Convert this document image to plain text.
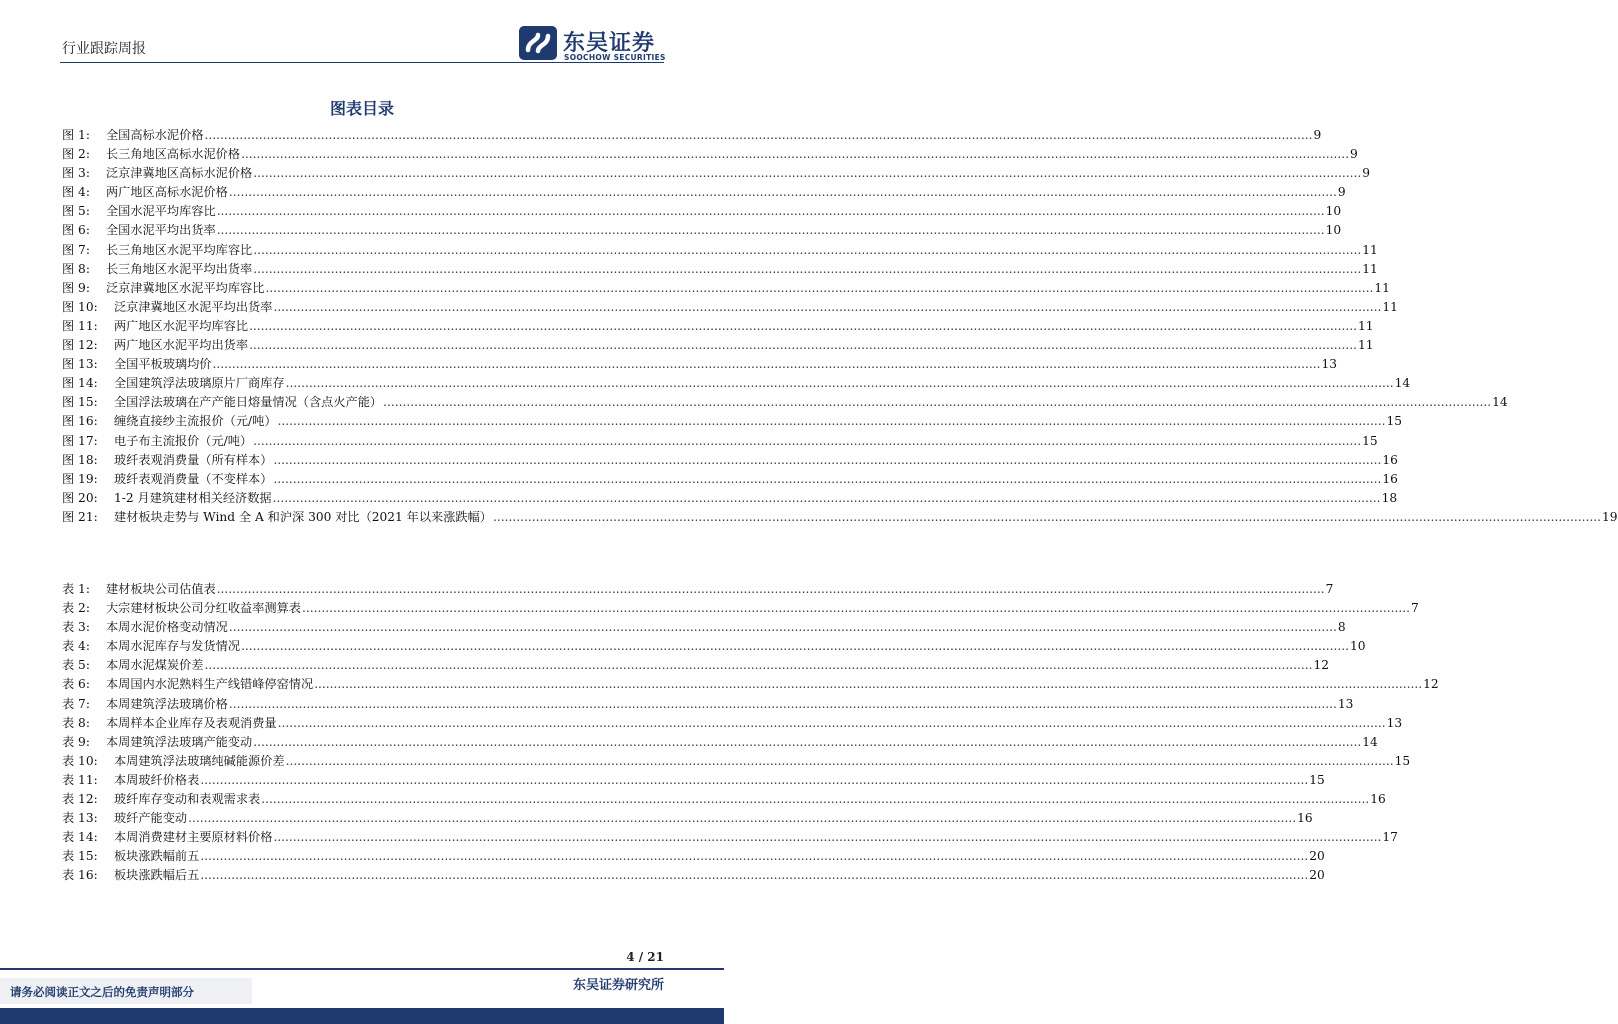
行业跟踪周报	东吴证券
SOOCHOW SECURITIES
图表目录
图 1:	全国高标水泥价格 .....	9
图 2:	长三角地区高标水泥价格 .....	9
图 3:	泛京津冀地区高标水泥价格 .....	9
图 4:	两广地区高标水泥价格 .....	9
图 5:	全国水泥平均库容比 .....	10
图 6:	全国水泥平均出货率 .....	10
图 7:	长三角地区水泥平均库容比 .....	11
图 8:	长三角地区水泥平均出货率 .....	11
图 9:	泛京津冀地区水泥平均库容比 .....	11
图 10:	泛京津冀地区水泥平均出货率 .....	11
图 11:	两广地区水泥平均库容比 .....	11
图 12:	两广地区水泥平均出货率 .....	11
图 13:	全国平板玻璃均价 .....	13
图 14:	全国建筑浮法玻璃原片厂商库存 .....	14
图 15:	全国浮法玻璃在产产能日熔量情况（含点火产能） .....	14
图 16:	缠绕直接纱主流报价（元/吨） .....	15
图 17:	电子布主流报价（元/吨） .....	15
图 18:	玻纤表观消费量（所有样本） .....	16
图 19:	玻纤表观消费量（不变样本） .....	16
图 20:	1-2 月建筑建材相关经济数据 .....	18
图 21:	建材板块走势与 Wind 全 A 和沪深 300 对比（2021 年以来涨跌幅） .....	19
表 1:	建材板块公司估值表 .....	7
表 2:	大宗建材板块公司分红收益率测算表 .....	7
表 3:	本周水泥价格变动情况 .....	8
表 4:	本周水泥库存与发货情况 .....	10
表 5:	本周水泥煤炭价差 .....	12
表 6:	本周国内水泥熟料生产线错峰停窑情况 .....	12
表 7:	本周建筑浮法玻璃价格 .....	13
表 8:	本周样本企业库存及表观消费量 .....	13
表 9:	本周建筑浮法玻璃产能变动 .....	14
表 10:	本周建筑浮法玻璃纯碱能源价差 .....	15
表 11:	本周玻纤价格表 .....	15
表 12:	玻纤库存变动和表观需求表 .....	16
表 13:	玻纤产能变动 .....	16
表 14:	本周消费建材主要原材料价格 .....	17
表 15:	板块涨跌幅前五 .....	20
表 16:	板块涨跌幅后五 .....	20
4 / 21
请务必阅读正文之后的免责声明部分	东吴证券研究所
